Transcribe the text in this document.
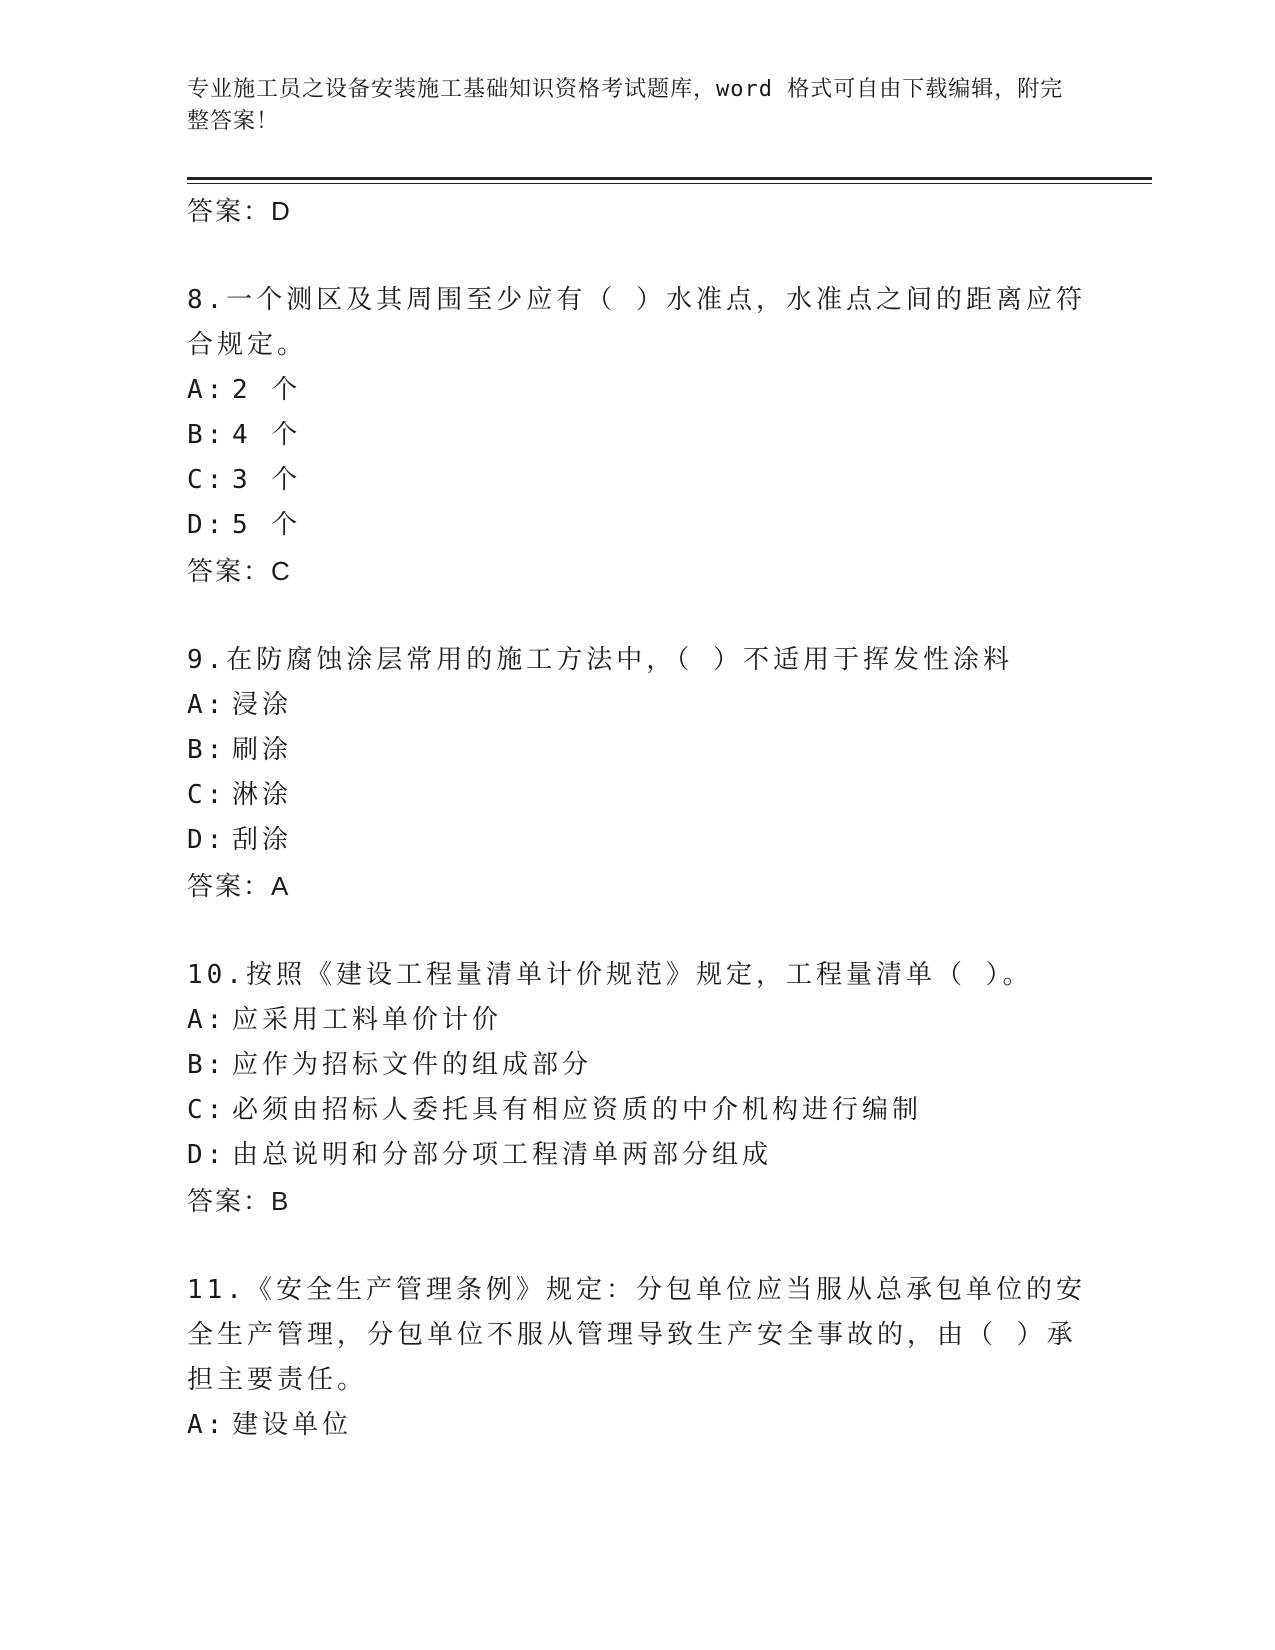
专业施工员之设备安装施工基础知识资格考试题库，word 格式可自由下载编辑，附完整答案！
答案：D
8.一个测区及其周围至少应有（ ）水准点，水准点之间的距离应符合规定。
A: 2 个
B: 4 个
C: 3 个
D: 5 个
答案：C
9.在防腐蚀涂层常用的施工方法中，（ ）不适用于挥发性涂料
A: 浸涂
B: 刷涂
C: 淋涂
D: 刮涂
答案：A
10.按照《建设工程量清单计价规范》规定，工程量清单（ ）。
A: 应采用工料单价计价
B: 应作为招标文件的组成部分
C: 必须由招标人委托具有相应资质的中介机构进行编制
D: 由总说明和分部分项工程清单两部分组成
答案：B
11.《安全生产管理条例》规定：分包单位应当服从总承包单位的安全生产管理，分包单位不服从管理导致生产安全事故的，由（ ）承担主要责任。
A: 建设单位
